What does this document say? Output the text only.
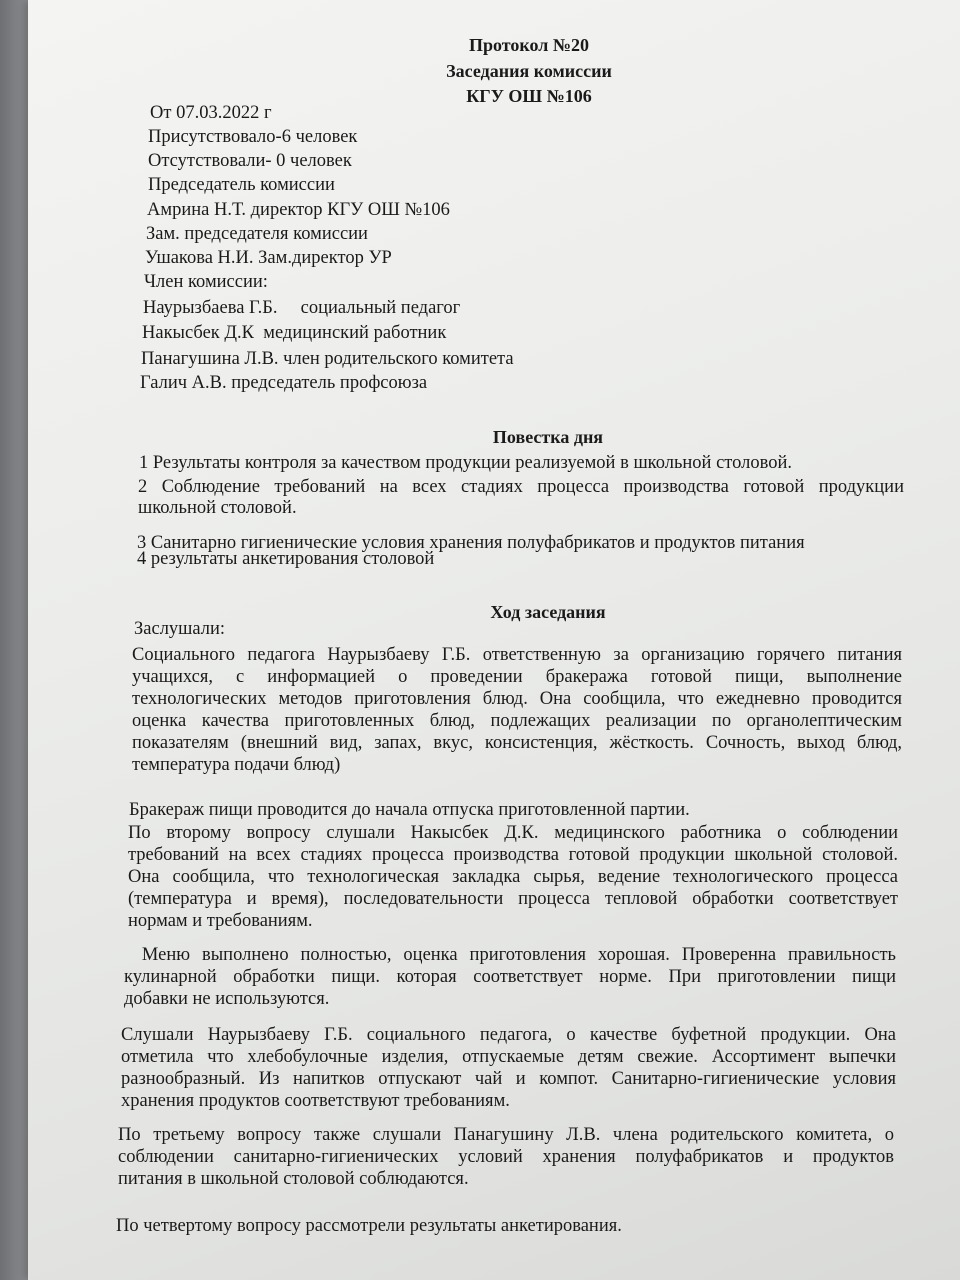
Протокол №20
Заседания комиссии
КГУ ОШ №106
От 07.03.2022 г
Присутствовало-6 человек
Отсутствовали- 0 человек
Председатель комиссии
Амрина Н.Т. директор КГУ ОШ №106
Зам. председателя комиссии
Ушакова Н.И. Зам.директор УР
Член комиссии:
Наурызбаева Г.Б.     социальный педагог
Накысбек Д.К  медицинский работник
Панагушина Л.В. член родительского комитета
Галич А.В. председатель профсоюза
Повестка дня
1 Результаты контроля за качеством продукции реализуемой в школьной столовой.
2  Соблюдение  требований  на  всех  стадиях  процесса  производства  готовой  продукции
школьной столовой.
3 Санитарно гигиенические условия хранения полуфабрикатов и продуктов питания
4 результаты анкетирования столовой
Ход заседания
Заслушали:
Социального  педагога  Наурызбаеву  Г.Б.  ответственную  за  организацию  горячего  питания
учащихся,  с  информацией  о  проведении  бракеража  готовой  пищи,  выполнение
технологических методов приготовления блюд. Она сообщила, что ежедневно проводится
оценка  качества  приготовленных  блюд,  подлежащих  реализации  по  органолептическим
показателям  (внешний  вид,  запах,  вкус,  консистенция,  жёсткость.  Сочность,  выход  блюд,
температура подачи блюд)
Бракераж пищи проводится до начала отпуска приготовленной партии.
По  второму  вопросу  слушали  Накысбек  Д.К.  медицинского  работника  о  соблюдении
требований на всех стадиях процесса производства готовой продукции школьной столовой.
Она  сообщила,  что  технологическая  закладка  сырья,  ведение  технологического  процесса
(температура  и  время),  последовательности  процесса  тепловой  обработки  соответствует
нормам и требованиям.
Меню  выполнено  полностью,  оценка  приготовления  хорошая.  Проверенна  правильность
кулинарной  обработки  пищи.  которая  соответствует  норме.  При  приготовлении  пищи
добавки не используются.
Слушали  Наурызбаеву  Г.Б.  социального  педагога,  о  качестве  буфетной  продукции.  Она
отметила  что  хлебобулочные  изделия,  отпускаемые  детям  свежие.  Ассортимент  выпечки
разнообразный.  Из  напитков  отпускают  чай  и  компот.  Санитарно-гигиенические  условия
хранения продуктов соответствуют требованиям.
По  третьему  вопросу  также  слушали  Панагушину  Л.В.  члена  родительского  комитета,  о
соблюдении  санитарно-гигиенических  условий  хранения  полуфабрикатов  и  продуктов
питания в школьной столовой соблюдаются.
По четвертому вопросу рассмотрели результаты анкетирования.
